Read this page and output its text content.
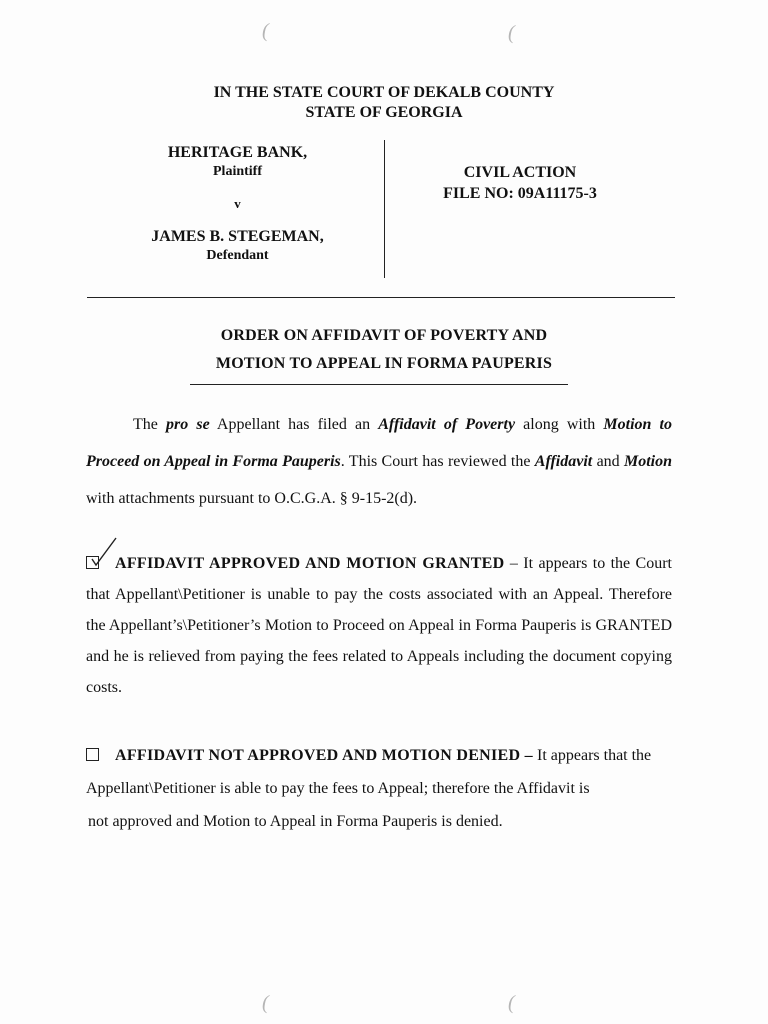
(	(
(	(
IN THE STATE COURT OF DEKALB COUNTY
STATE OF GEORGIA
HERITAGE BANK,
Plaintiff
v
JAMES B. STEGEMAN,
Defendant
CIVIL ACTION
FILE NO: 09A11175-3
ORDER ON AFFIDAVIT OF POVERTY AND
MOTION TO APPEAL IN FORMA PAUPERIS
The pro se Appellant has filed an Affidavit of Poverty along with Motion to Proceed on Appeal in Forma Pauperis. This Court has reviewed the Affidavit and Motion with attachments pursuant to O.C.G.A. § 9-15-2(d).
AFFIDAVIT APPROVED AND MOTION GRANTED – It appears to the Court that Appellant\Petitioner is unable to pay the costs associated with an Appeal. Therefore the Appellant’s\Petitioner’s Motion to Proceed on Appeal in Forma Pauperis is GRANTED and he is relieved from paying the fees related to Appeals including the document copying costs.
AFFIDAVIT NOT APPROVED AND MOTION DENIED – It appears that the Appellant\Petitioner is able to pay the fees to Appeal; therefore the Affidavit is
not approved and Motion to Appeal in Forma Pauperis is denied.
